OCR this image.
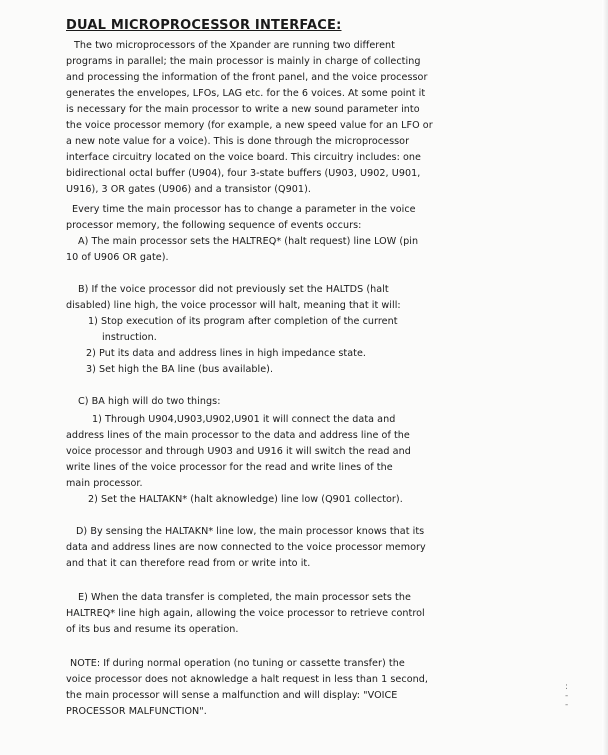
DUAL MICROPROCESSOR INTERFACE:
The two microprocessors of the Xpander are running two different
programs in parallel; the main processor is mainly in charge of collecting
and processing the information of the front panel, and the voice processor
generates the envelopes, LFOs, LAG etc. for the 6 voices. At some point it
is necessary for the main processor to write a new sound parameter into
the voice processor memory (for example, a new speed value for an LFO or
a new note value for a voice). This is done through the microprocessor
interface circuitry located on the voice board. This circuitry includes: one
bidirectional octal buffer (U904), four 3-state buffers (U903, U902, U901,
U916), 3 OR gates (U906) and a transistor (Q901).
Every time the main processor has to change a parameter in the voice
processor memory, the following sequence of events occurs:
A) The main processor sets the HALTREQ* (halt request) line LOW (pin
10 of U906 OR gate).
B) If the voice processor did not previously set the HALTDS (halt
disabled) line high, the voice processor will halt, meaning that it will:
1) Stop execution of its program after completion of the current
instruction.
2) Put its data and address lines in high impedance state.
3) Set high the BA line (bus available).
C) BA high will do two things:
1) Through U904,U903,U902,U901 it will connect the data and
address lines of the main processor to the data and address line of the
voice processor and through U903 and U916 it will switch the read and
write lines of the voice processor for the read and write lines of the
main processor.
2) Set the HALTAKN* (halt aknowledge) line low (Q901 collector).
D) By sensing the HALTAKN* line low, the main processor knows that its
data and address lines are now connected to the voice processor memory
and that it can therefore read from or write into it.
E) When the data transfer is completed, the main processor sets the
HALTREQ* line high again, allowing the voice processor to retrieve control
of its bus and resume its operation.
NOTE: If during normal operation (no tuning or cassette transfer) the
voice processor does not aknowledge a halt request in less than 1 second,
the main processor will sense a malfunction and will display: "VOICE
PROCESSOR MALFUNCTION".
:
-
-
